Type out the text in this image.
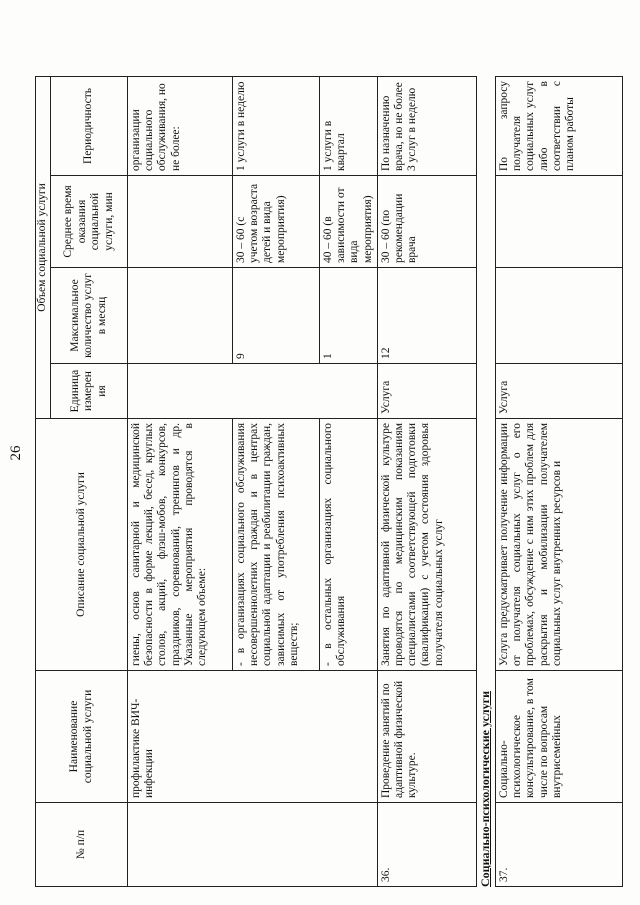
26
№ п/п	Наименование социальной услуги	Описание социальной услуги	Объем социальной услуги			
			Единица измерения	Максимальное количество услуг в месяц	Среднее время оказания социальной услуги, мин	Периодичность
	профилактике ВИЧ-инфекции	гиены, основ санитарной и медицинской безопасности в форме лекций, бесед, круглых столов, акций, флэш-мобов, конкурсов, праздников, соревнований, тренингов и др. Указанные мероприятия проводятся в следующем объеме:				организации социального обслуживания, но не более:
		- в организациях социального обслуживания несовершеннолетних граждан и в центрах социальной адаптации и реабилитации граждан, зависимых от употребления психоактивных веществ;		9	30 – 60 (с учетом возраста детей и вида мероприятия)	1 услуги в неделю
		- в остальных организациях социального обслуживания		1	40 – 60 (в зависимости от вида мероприятия)	1 услуги в квартал
36.	Проведение занятий по адаптивной физической культуре.	Занятия по адаптивной физической культуре проводятся по медицинским показаниям специалистами соответствующей подготовки (квалификации) с учетом состояния здоровья получателя социальных услуг	Услуга	12	30 – 60 (по рекомендации врача	По назначению врача, но не более 3 услуг в неделю
Социально-психологические услуги 37.	Социально-психологическое консультирование, в том числе по вопросам внутрисемейных	Услуга предусматривает получение информации от получателя социальных услуг о его проблемах, обсуждение с ним этих проблем для раскрытия и мобилизации получателем социальных услуг внутренних ресурсов и	Услуга			По запросу получателя социальных услуг либо в соответствии с планом работы
